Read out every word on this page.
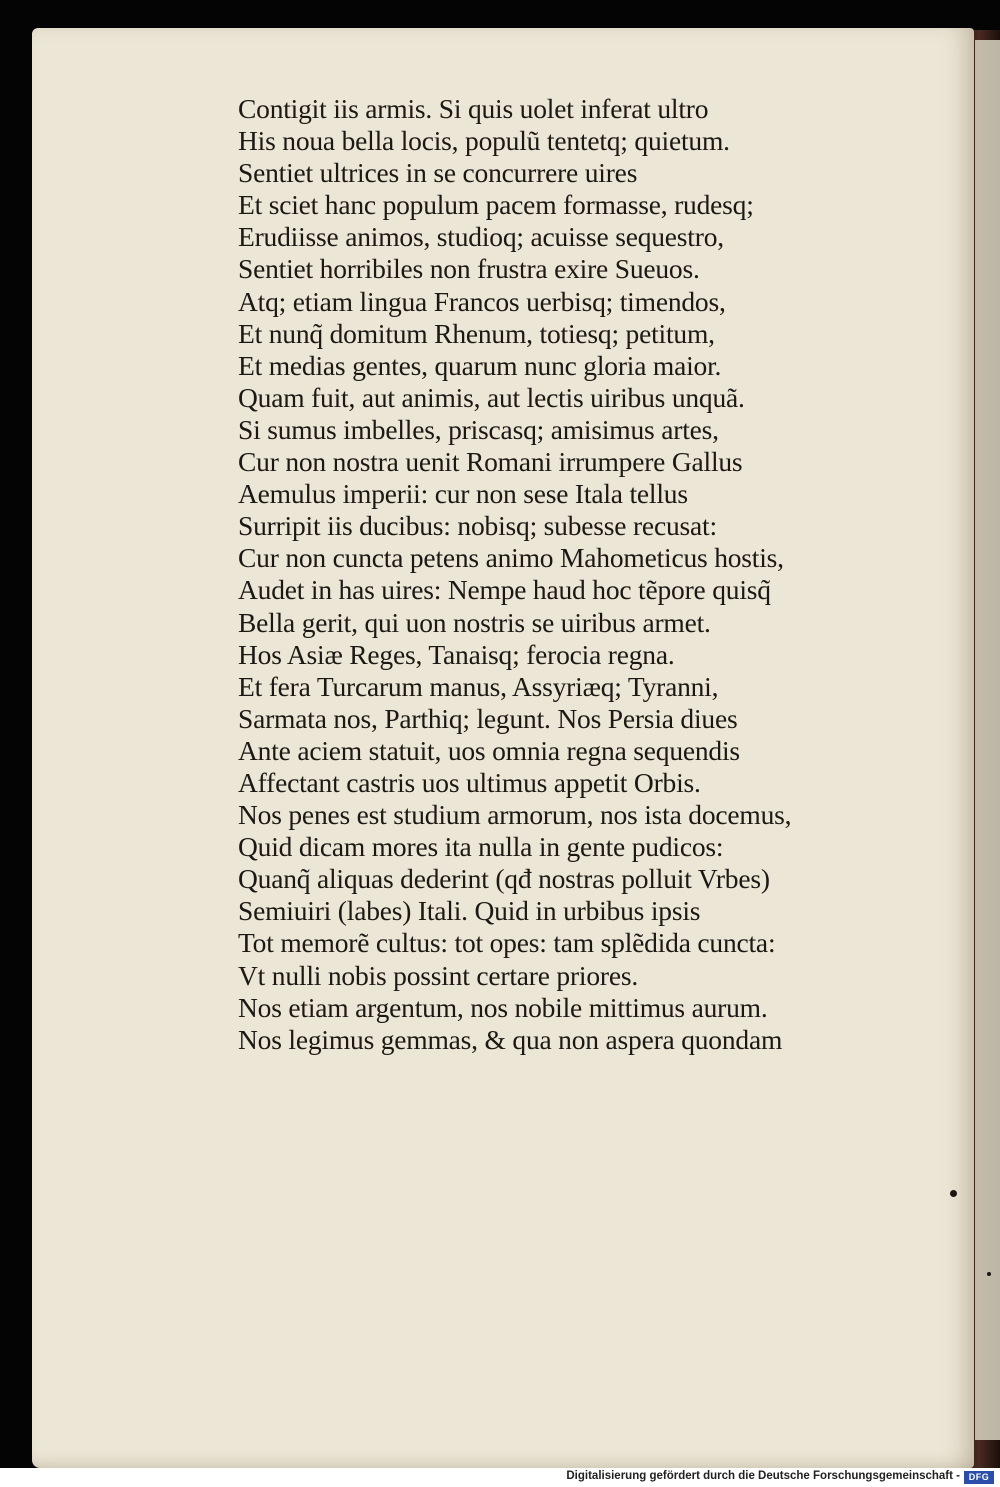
Contigit iis armis. Si quis uolet inferat ultro
His noua bella locis, populũ tentetq; quietum.
Sentiet ultrices in se concurrere uires
Et sciet hanc populum pacem formasse, rudesq;
Erudiisse animos, studioq; acuisse sequestro,
Sentiet horribiles non frustra exire Sueuos.
Atq; etiam lingua Francos uerbisq; timendos,
Et nunq̃ domitum Rhenum, totiesq; petitum,
Et medias gentes, quarum nunc gloria maior.
Quam fuit, aut animis, aut lectis uiribus unquã.
Si sumus imbelles, priscasq; amisimus artes,
Cur non nostra uenit Romani irrumpere Gallus
Aemulus imperii: cur non sese Itala tellus
Surripit iis ducibus: nobisq; subesse recusat:
Cur non cuncta petens animo Mahometicus hostis,
Audet in has uires: Nempe haud hoc tẽpore quisq̃
Bella gerit, qui uon nostris se uiribus armet.
Hos Asiæ Reges, Tanaisq; ferocia regna.
Et fera Turcarum manus, Assyriæq; Tyranni,
Sarmata nos, Parthiq; legunt. Nos Persia diues
Ante aciem statuit, uos omnia regna sequendis
Affectant castris uos ultimus appetit Orbis.
Nos penes est studium armorum, nos ista docemus,
Quid dicam mores ita nulla in gente pudicos:
Quanq̃ aliquas dederint (qđ nostras polluit Vrbes)
Semiuiri (labes) Itali. Quid in urbibus ipsis
Tot memorẽ cultus: tot opes: tam splẽdida cuncta:
Vt nulli nobis possint certare priores.
Nos etiam argentum, nos nobile mittimus aurum.
Nos legimus gemmas, & qua non aspera quondam
Digitalisierung gefördert durch die Deutsche Forschungsgemeinschaft - DFG
